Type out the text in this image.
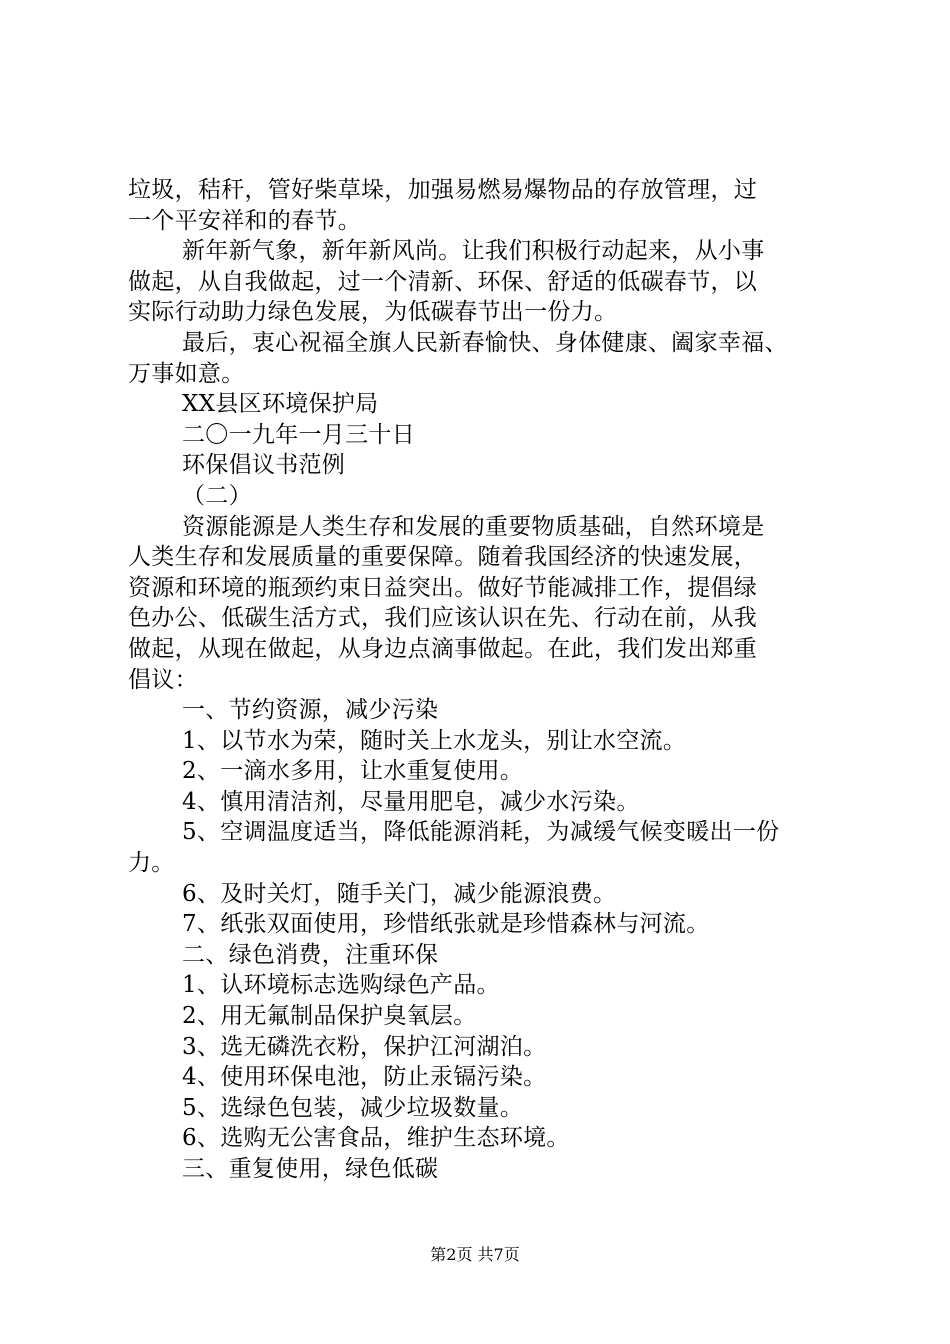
垃圾，秸秆，管好柴草垛，加强易燃易爆物品的存放管理，过
一个平安祥和的春节。
新年新气象，新年新风尚。让我们积极行动起来，从小事
做起，从自我做起，过一个清新、环保、舒适的低碳春节，以
实际行动助力绿色发展，为低碳春节出一份力。
最后，衷心祝福全旗人民新春愉快、身体健康、阖家幸福、
万事如意。
XX县区环境保护局
二〇一九年一月三十日
环保倡议书范例
（二）
资源能源是人类生存和发展的重要物质基础，自然环境是
人类生存和发展质量的重要保障。随着我国经济的快速发展，
资源和环境的瓶颈约束日益突出。做好节能减排工作，提倡绿
色办公、低碳生活方式，我们应该认识在先、行动在前，从我
做起，从现在做起，从身边点滴事做起。在此，我们发出郑重
倡议：
一、节约资源，减少污染
1、以节水为荣，随时关上水龙头，别让水空流。
2、一滴水多用，让水重复使用。
4、慎用清洁剂，尽量用肥皂，减少水污染。
5、空调温度适当，降低能源消耗，为减缓气候变暖出一份
力。
6、及时关灯，随手关门，减少能源浪费。
7、纸张双面使用，珍惜纸张就是珍惜森林与河流。
二、绿色消费，注重环保
1、认环境标志选购绿色产品。
2、用无氟制品保护臭氧层。
3、选无磷洗衣粉，保护江河湖泊。
4、使用环保电池，防止汞镉污染。
5、选绿色包装，减少垃圾数量。
6、选购无公害食品，维护生态环境。
三、重复使用，绿色低碳
第2页 共7页
